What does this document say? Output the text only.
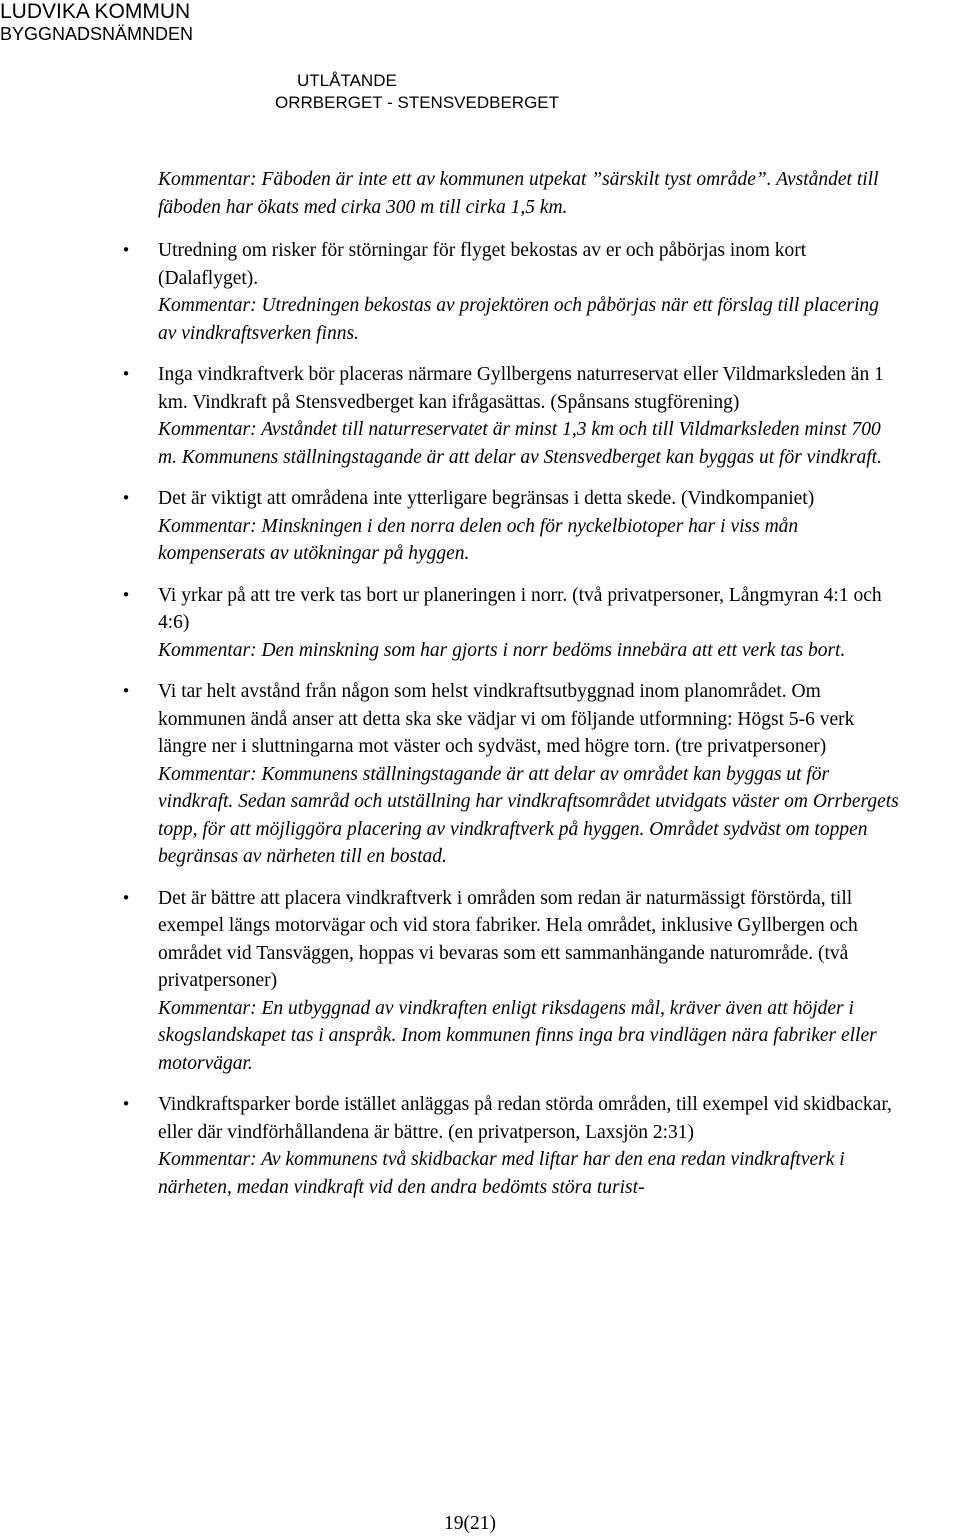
LUDVIKA KOMMUN
BYGGNADSNÄMNDEN
UTLÅTANDE
ORRBERGET - STENSVEDBERGET

Kommentar: Fäboden är inte ett av kommunen utpekat ”särskilt tyst område”. Avståndet till fäboden har ökats med cirka 300 m till cirka 1,5 km.

• Utredning om risker för störningar för flyget bekostas av er och påbörjas inom kort (Dalaflyget).

Kommentar: Utredningen bekostas av projektören och påbörjas när ett förslag till placering av vindkraftsverken finns.

• Inga vindkraftverk bör placeras närmare Gyllbergens naturreservat eller Vildmarksleden än 1 km. Vindkraft på Stensvedberget kan ifrågasättas. (Spånsans stugförening)

Kommentar: Avståndet till naturreservatet är minst 1,3 km och till Vildmarksleden minst 700 m. Kommunens ställningstagande är att delar av Stensvedberget kan byggas ut för vindkraft.

• Det är viktigt att områdena inte ytterligare begränsas i detta skede. (Vindkompaniet)

Kommentar: Minskningen i den norra delen och för nyckelbiotoper har i viss mån kompenserats av utökningar på hyggen.

• Vi yrkar på att tre verk tas bort ur planeringen i norr. (två privatpersoner, Långmyran 4:1 och 4:6)

Kommentar: Den minskning som har gjorts i norr bedöms innebära att ett verk tas bort.

• Vi tar helt avstånd från någon som helst vindkraftsutbyggnad inom planområdet. Om kommunen ändå anser att detta ska ske vädjar vi om följande utformning: Högst 5-6 verk längre ner i sluttningarna mot väster och sydväst, med högre torn. (tre privatpersoner)

Kommentar: Kommunens ställningstagande är att delar av området kan byggas ut för vindkraft. Sedan samråd och utställning har vindkraftsområdet utvidgats väster om Orrbergets topp, för att möjliggöra placering av vindkraftverk på hyggen. Området sydväst om toppen begränsas av närheten till en bostad.

• Det är bättre att placera vindkraftverk i områden som redan är naturmässigt förstörda, till exempel längs motorvägar och vid stora fabriker. Hela området, inklusive Gyllbergen och området vid Tansväggen, hoppas vi bevaras som ett sammanhängande naturområde. (två privatpersoner)

Kommentar: En utbyggnad av vindkraften enligt riksdagens mål, kräver även att höjder i skogslandskapet tas i anspråk. Inom kommunen finns inga bra vindlägen nära fabriker eller motorvägar.

• Vindkraftsparker borde istället anläggas på redan störda områden, till exempel vid skidbackar, eller där vindförhållandena är bättre. (en privatperson, Laxsjön 2:31)

Kommentar: Av kommunens två skidbackar med liftar har den ena redan vindkraftverk i närheten, medan vindkraft vid den andra bedömts störa turist-

19(21)
